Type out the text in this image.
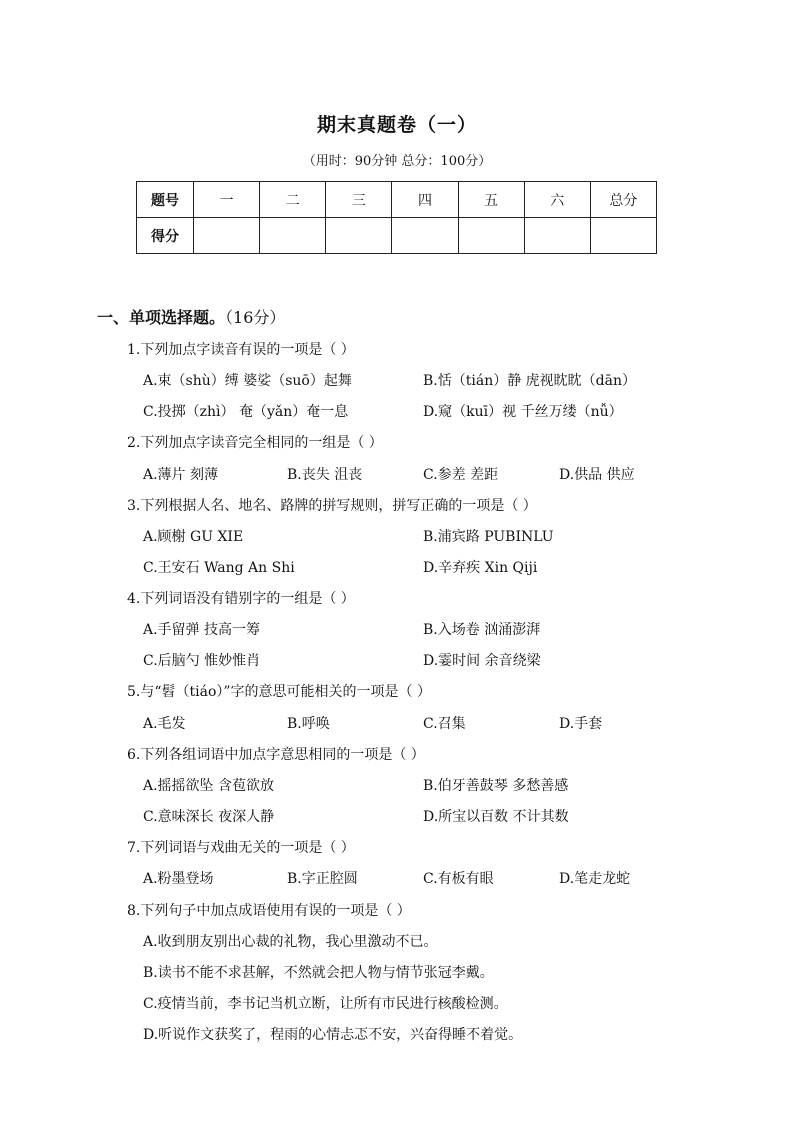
期末真题卷（一）
（用时：90分钟 总分：100分）
题号	一	二	三	四	五	六	总分
得分							
一、单项选择题。（16分）
1.下列加点字读音有误的一项是（ ）
A.束（shù）缚 婆娑（suō）起舞	B.恬（tián）静 虎视眈眈（dān）
C.投掷（zhì） 奄（yǎn）奄一息	D.窥（kuī）视 千丝万缕（nǚ）
2.下列加点字读音完全相同的一组是（ ）
A.薄片 刻薄	B.丧失 沮丧	C.参差 差距	D.供品 供应
3.下列根据人名、地名、路牌的拼写规则，拼写正确的一项是（ ）
A.顾榭 GU XIE	B.浦宾路 PUBINLU
C.王安石 Wang An Shi	D.辛弃疾 Xin Qiji
4.下列词语没有错别字的一组是（ ）
A.手留弹 技高一筹	B.入场卷 汹涌澎湃
C.后脑勺 惟妙惟肖	D.霎时间 余音绕梁
5.与“髫（tiáo）”字的意思可能相关的一项是（ ）
A.毛发	B.呼唤	C.召集	D.手套
6.下列各组词语中加点字意思相同的一项是（ ）
A.摇摇欲坠 含苞欲放	B.伯牙善鼓琴 多愁善感
C.意味深长 夜深人静	D.所宝以百数 不计其数
7.下列词语与戏曲无关的一项是（ ）
A.粉墨登场	B.字正腔圆	C.有板有眼	D.笔走龙蛇
8.下列句子中加点成语使用有误的一项是（ ）
A.收到朋友别出心裁的礼物，我心里激动不已。
B.读书不能不求甚解，不然就会把人物与情节张冠李戴。
C.疫情当前，李书记当机立断，让所有市民进行核酸检测。
D.听说作文获奖了，程雨的心情忐忑不安，兴奋得睡不着觉。
